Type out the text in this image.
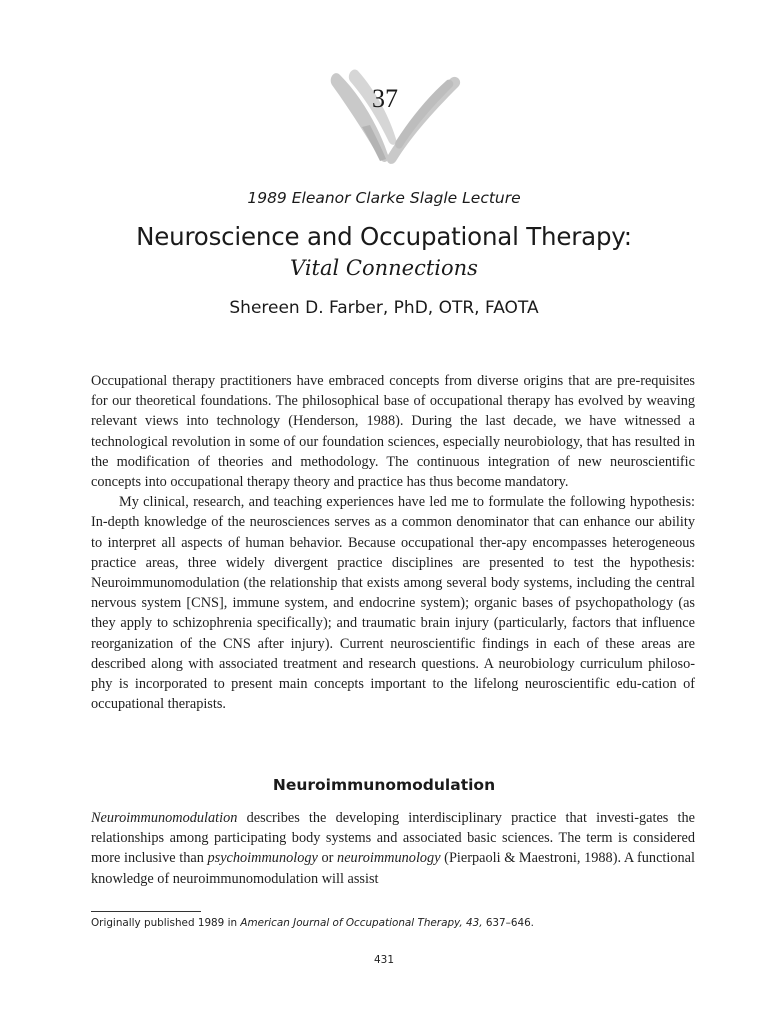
37
1989 Eleanor Clarke Slagle Lecture
Neuroscience and Occupational Therapy:
Vital Connections
Shereen D. Farber, PhD, OTR, FAOTA

Occupational therapy practitioners have embraced concepts from diverse origins that are pre-requisites for our theoretical foundations. The philosophical base of occupational therapy has evolved by weaving relevant views into technology (Henderson, 1988). During the last decade, we have witnessed a technological revolution in some of our foundation sciences, especially neurobiology, that has resulted in the modification of theories and methodology. The continuous integration of new neuroscientific concepts into occupational therapy theory and practice has thus become mandatory.

My clinical, research, and teaching experiences have led me to formulate the following hypothesis: In-depth knowledge of the neurosciences serves as a common denominator that can enhance our ability to interpret all aspects of human behavior. Because occupational ther-apy encompasses heterogeneous practice areas, three widely divergent practice disciplines are presented to test the hypothesis: Neuroimmunomodulation (the relationship that exists among several body systems, including the central nervous system [CNS], immune system, and endocrine system); organic bases of psychopathology (as they apply to schizophrenia specifically); and traumatic brain injury (particularly, factors that influence reorganization of the CNS after injury). Current neuroscientific findings in each of these areas are described along with associated treatment and research questions. A neurobiology curriculum philoso-phy is incorporated to present main concepts important to the lifelong neuroscientific edu-cation of occupational therapists.

Neuroimmunomodulation

Neuroimmunomodulation describes the developing interdisciplinary practice that investi-gates the relationships among participating body systems and associated basic sciences. The term is considered more inclusive than psychoimmunology or neuroimmunology (Pierpaoli & Maestroni, 1988). A functional knowledge of neuroimmunomodulation will assist

Originally published 1989 in American Journal of Occupational Therapy, 43, 637–646.
431
